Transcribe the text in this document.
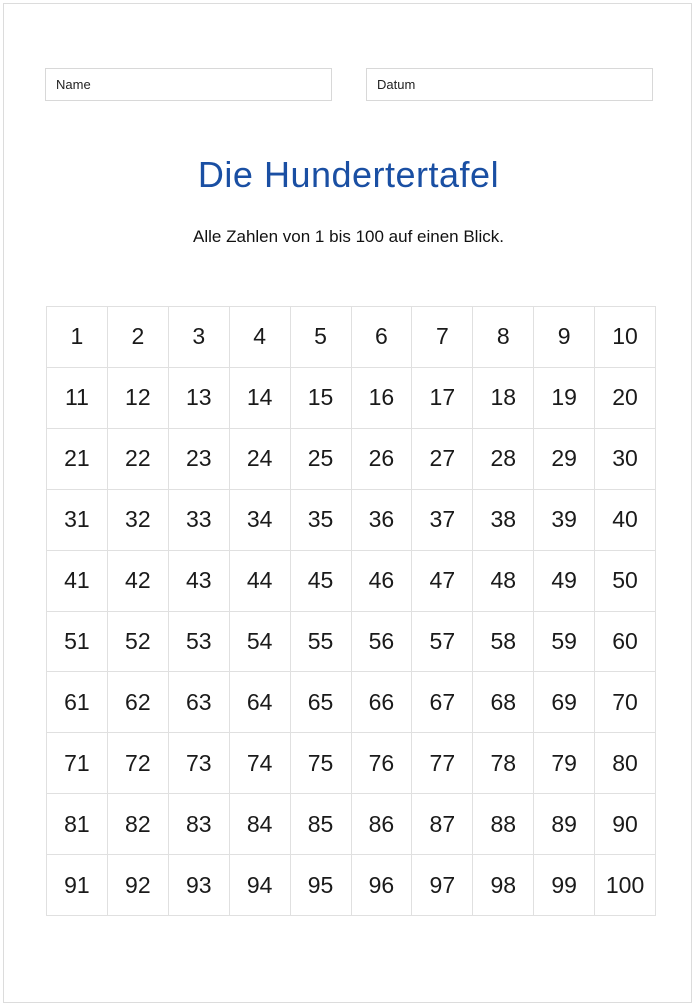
Name	Datum
Die Hundertertafel
Alle Zahlen von 1 bis 100 auf einen Blick.
1	2	3	4	5	6	7	8	9	10
11	12	13	14	15	16	17	18	19	20
21	22	23	24	25	26	27	28	29	30
31	32	33	34	35	36	37	38	39	40
41	42	43	44	45	46	47	48	49	50
51	52	53	54	55	56	57	58	59	60
61	62	63	64	65	66	67	68	69	70
71	72	73	74	75	76	77	78	79	80
81	82	83	84	85	86	87	88	89	90
91	92	93	94	95	96	97	98	99	100
